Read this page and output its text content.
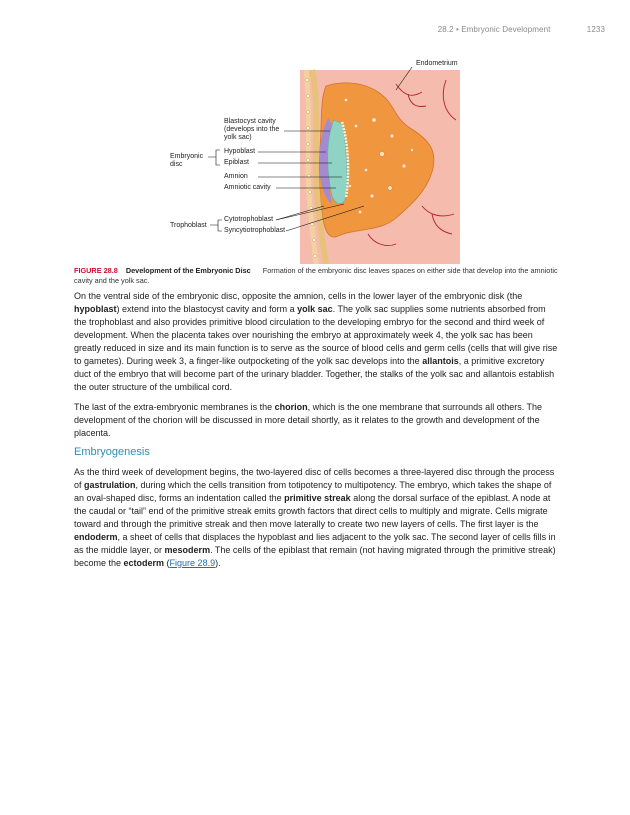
28.2 • Embryonic Development	1233
Endometrium
Blastocyst cavity
(develops into the
yolk sac)
Embryonic
disc
Hypoblast
Epiblast
Amnion
Amniotic cavity
Trophoblast
Cytotrophoblast
Syncytiotrophoblast
FIGURE 28.8 Development of the Embryonic Disc Formation of the embryonic disc leaves spaces on either side that develop into the amniotic cavity and the yolk sac.

On the ventral side of the embryonic disc, opposite the amnion, cells in the lower layer of the embryonic disk (the hypoblast) extend into the blastocyst cavity and form a yolk sac. The yolk sac supplies some nutrients absorbed from the trophoblast and also provides primitive blood circulation to the developing embryo for the second and third week of development. When the placenta takes over nourishing the embryo at approximately week 4, the yolk sac has been greatly reduced in size and its main function is to serve as the source of blood cells and germ cells (cells that will give rise to gametes). During week 3, a finger-like outpocketing of the yolk sac develops into the allantois, a primitive excretory duct of the embryo that will become part of the urinary bladder. Together, the stalks of the yolk sac and allantois establish the outer structure of the umbilical cord.

The last of the extra-embryonic membranes is the chorion, which is the one membrane that surrounds all others. The development of the chorion will be discussed in more detail shortly, as it relates to the growth and development of the placenta.

Embryogenesis

As the third week of development begins, the two-layered disc of cells becomes a three-layered disc through the process of gastrulation, during which the cells transition from totipotency to multipotency. The embryo, which takes the shape of an oval-shaped disc, forms an indentation called the primitive streak along the dorsal surface of the epiblast. A node at the caudal or “tail” end of the primitive streak emits growth factors that direct cells to multiply and migrate. Cells migrate toward and through the primitive streak and then move laterally to create two new layers of cells. The first layer is the endoderm, a sheet of cells that displaces the hypoblast and lies adjacent to the yolk sac. The second layer of cells fills in as the middle layer, or mesoderm. The cells of the epiblast that remain (not having migrated through the primitive streak) become the ectoderm (Figure 28.9).
